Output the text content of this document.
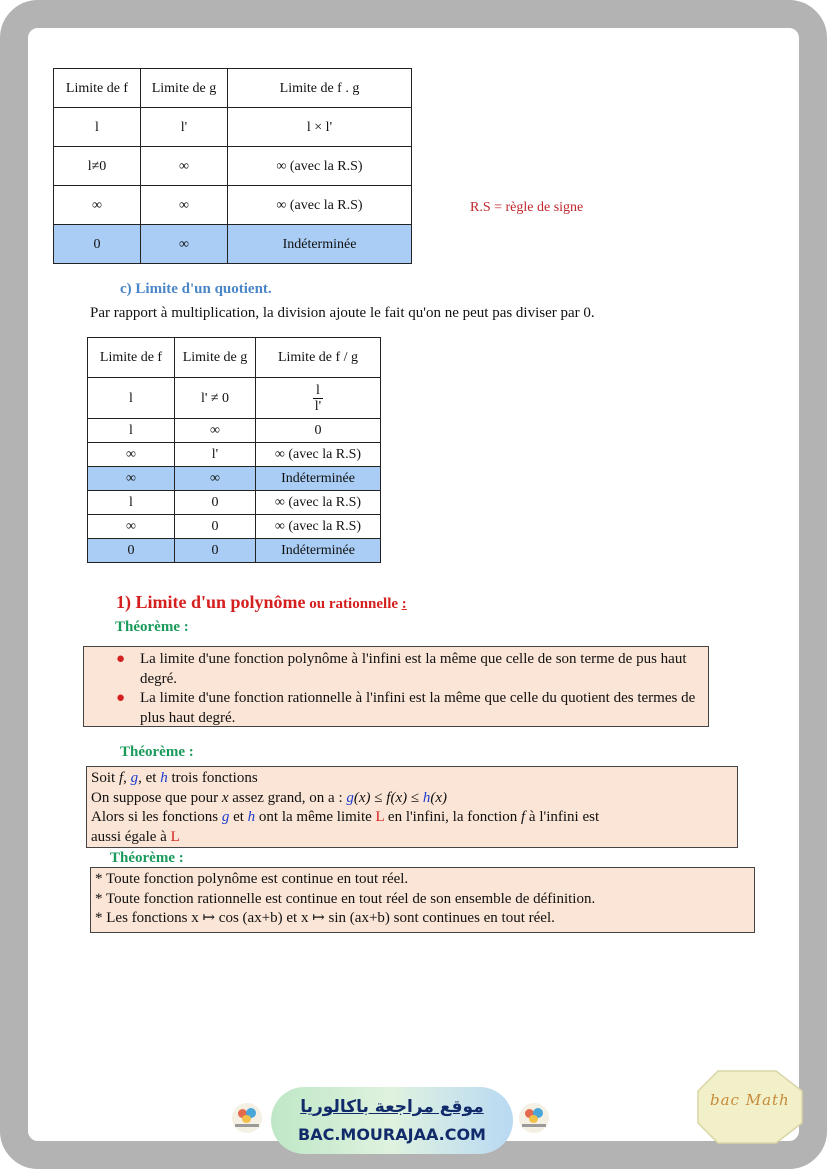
Limite de f	Limite de g	Limite de f . g
l	l'	l × l'
l≠0	∞	∞ (avec la R.S)
∞	∞	∞ (avec la R.S)
0	∞	Indéterminée
R.S = règle de signe
c) Limite d'un quotient.
Par rapport à multiplication, la division ajoute le fait qu'on ne peut pas diviser par 0.
Limite de f	Limite de g	Limite de f / g
l	l' ≠ 0	$\frac{l}{l'}$

l	∞	0
∞	l'	∞ (avec la R.S)
∞	∞	Indéterminée
l	0	∞ (avec la R.S)
∞	0	∞ (avec la R.S)
0	0	Indéterminée
1) Limite d'un polynôme ou rationnelle :
Théorème :
● La limite d'une fonction polynôme à l'infini est la même que celle de son terme de pus haut degré.
● La limite d'une fonction rationnelle à l'infini est la même que celle du quotient des termes de plus haut degré.
Théorème :
Soit f, g, et h trois fonctions
On suppose que pour x assez grand, on a : g(x) ≤ f(x) ≤ h(x)
Alors si les fonctions g et h ont la même limite L en l'infini, la fonction f à l'infini est
aussi égale à L
Théorème :
* Toute fonction polynôme est continue en tout réel.
* Toute fonction rationnelle est continue en tout réel de son ensemble de définition.
* Les fonctions x ↦ cos (ax+b) et x ↦ sin (ax+b) sont continues en tout réel.
موقع مراجعة باكالوريا
BAC.MOURAJAA.COM
bac Math
